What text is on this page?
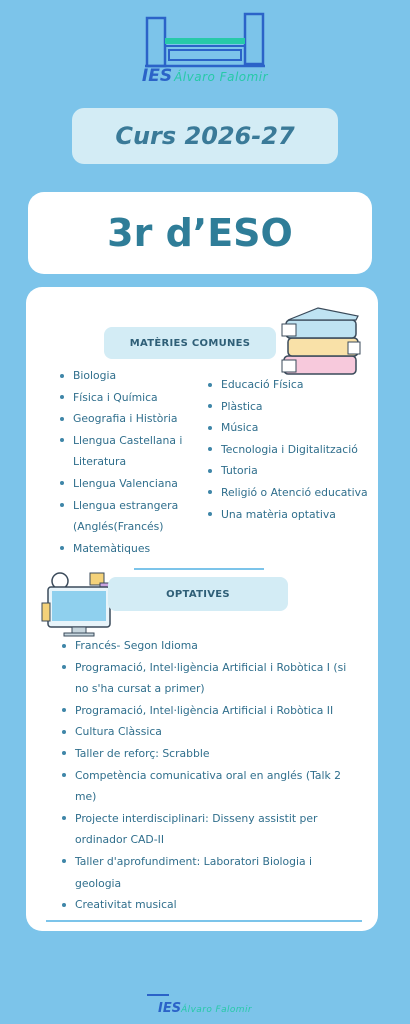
IES Álvaro Falomir
Curs 2026-27
3r d’ESO
MATÈRIES COMUNES
Biologia
Física i Química
Geografia i Història
Llengua Castellana i
Literatura
Llengua Valenciana
Llengua estrangera
(Anglés(Francés)
Matemàtiques
Educació Física
Plàstica
Música
Tecnologia i Digitalització
Tutoria
Religió o Atenció educativa
Una matèria optativa
OPTATIVES
Francés- Segon Idioma
Programació, Intel·ligència Artificial i Robòtica I (si
no s'ha cursat a primer)
Programació, Intel·ligència Artificial i Robòtica II
Cultura Clàssica
Taller de reforç: Scrabble
Competència comunicativa oral en anglés (Talk 2
me)
Projecte interdisciplinari: Disseny assistit per
ordinador CAD-II
Taller d'aprofundiment: Laboratori Biologia i
geologia
Creativitat musical
IESÁlvaro Falomir
